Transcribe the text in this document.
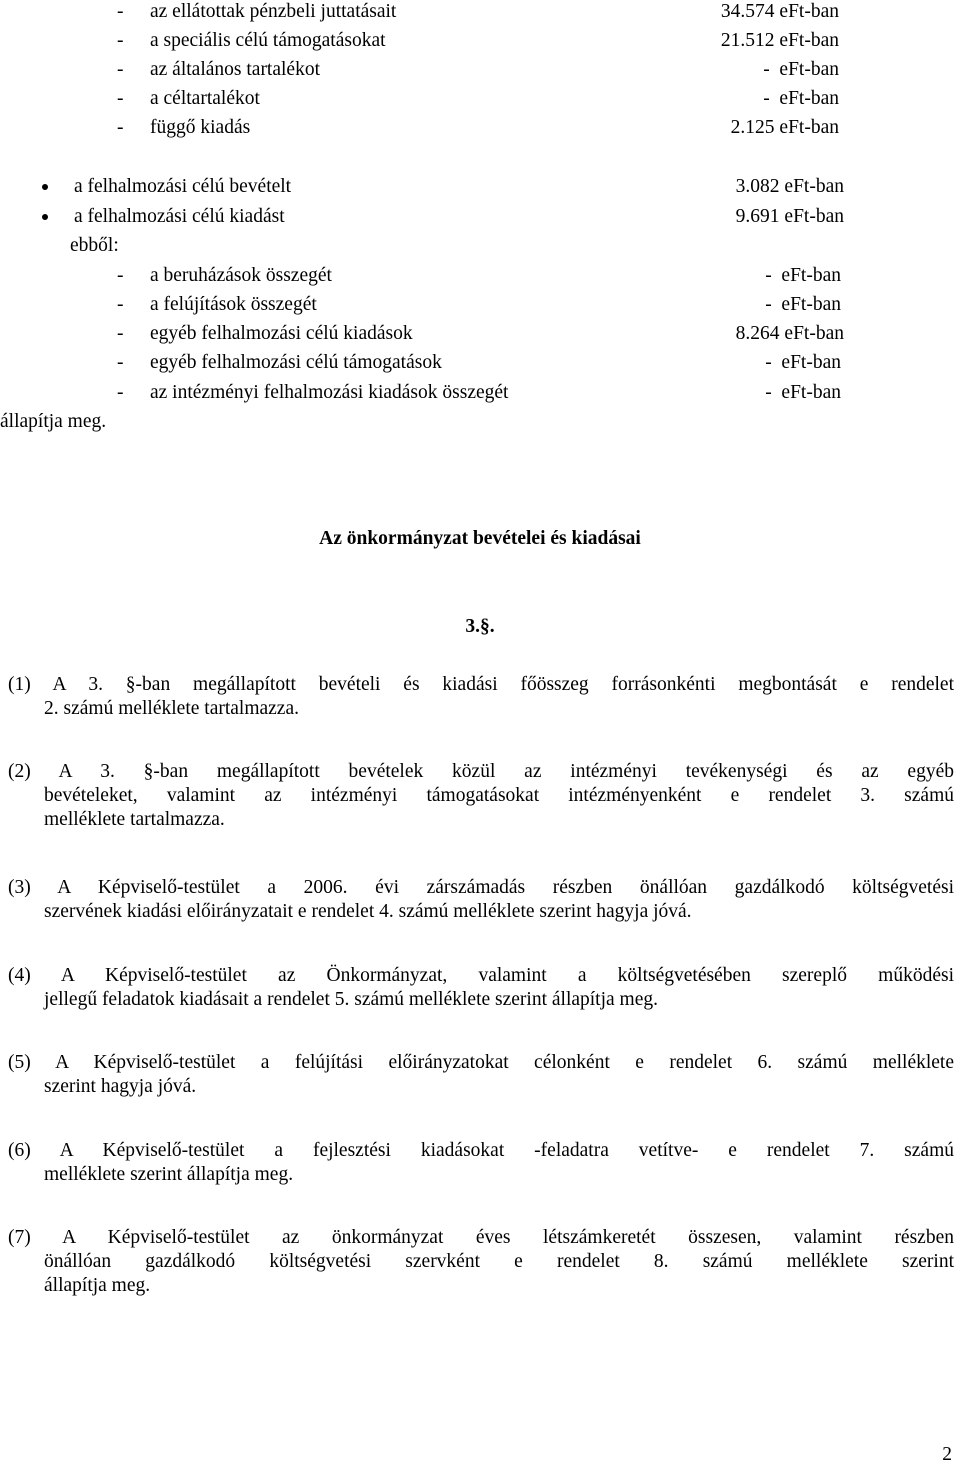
- az ellátottak pénzbeli juttatásait	34.574 eFt-ban
- a speciális célú támogatásokat	21.512 eFt-ban
- az általános tartalékot	-  eFt-ban
- a céltartalékot	-  eFt-ban
- függő kiadás	2.125 eFt-ban
a felhalmozási célú bevételt	3.082 eFt-ban
a felhalmozási célú kiadást	9.691 eFt-ban
ebből:
- a beruházások összegét	-  eFt-ban
- a felújítások összegét	-  eFt-ban
- egyéb felhalmozási célú kiadások	8.264 eFt-ban
- egyéb felhalmozási célú támogatások	-  eFt-ban
- az intézményi felhalmozási kiadások összegét	-  eFt-ban
állapítja meg.
Az önkormányzat bevételei és kiadásai
3.§.
(1) A 3. §-ban megállapított bevételi és kiadási főösszeg forrásonkénti megbontását e rendelet
2. számú melléklete tartalmazza.
(2) A 3. §-ban megállapított bevételek közül az intézményi tevékenységi és az egyéb
bevételeket, valamint az intézményi támogatásokat intézményenként e rendelet 3. számú
melléklete tartalmazza.
(3) A Képviselő-testület a 2006. évi zárszámadás részben önállóan gazdálkodó költségvetési
szervének kiadási előirányzatait e rendelet 4. számú melléklete szerint hagyja jóvá.
(4) A Képviselő-testület az Önkormányzat, valamint a költségvetésében szereplő működési
jellegű feladatok kiadásait a rendelet 5. számú melléklete szerint állapítja meg.
(5) A Képviselő-testület a felújítási előirányzatokat célonként e rendelet 6. számú melléklete
szerint hagyja jóvá.
(6) A Képviselő-testület a fejlesztési kiadásokat -feladatra vetítve- e rendelet 7. számú
melléklete szerint állapítja meg.
(7) A Képviselő-testület az önkormányzat éves létszámkeretét összesen, valamint részben
önállóan gazdálkodó költségvetési szervként e rendelet 8. számú melléklete szerint
állapítja meg.
2
